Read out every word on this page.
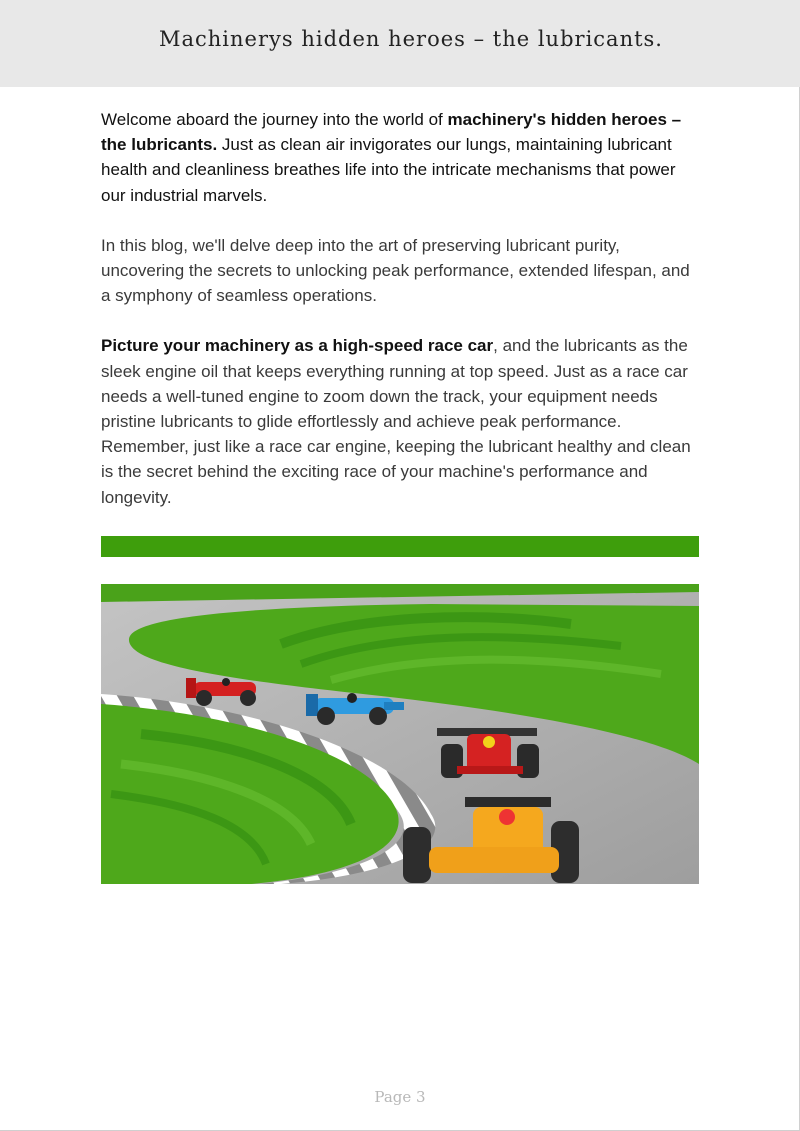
Machinerys hidden heroes – the lubricants.

Welcome aboard the journey into the world of machinery's hidden heroes – the lubricants. Just as clean air invigorates our lungs, maintaining lubricant health and cleanliness breathes life into the intricate mechanisms that power our industrial marvels.

In this blog, we'll delve deep into the art of preserving lubricant purity, uncovering the secrets to unlocking peak performance, extended lifespan, and a symphony of seamless operations.

Picture your machinery as a high-speed race car, and the lubricants as the sleek engine oil that keeps everything running at top speed. Just as a race car needs a well-tuned engine to zoom down the track, your equipment needs pristine lubricants to glide effortlessly and achieve peak performance. Remember, just like a race car engine, keeping the lubricant healthy and clean is the secret behind the exciting race of your machine's performance and longevity.

Page 3
